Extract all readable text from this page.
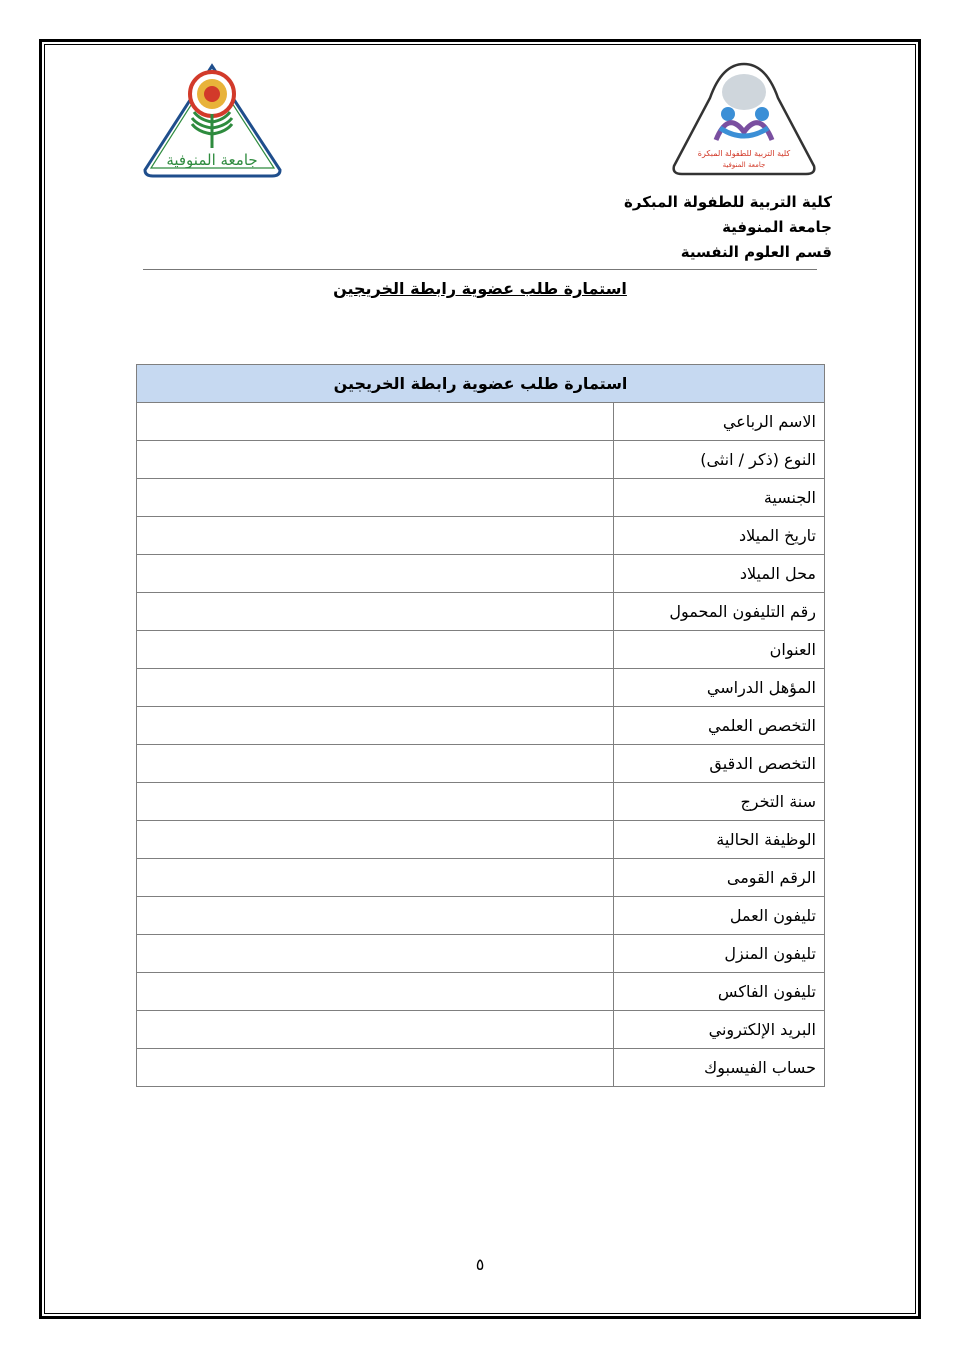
جامعة المنوفية	كلية التربية للطفولة المبكرة
جامعة المنوفية
كلية التربية للطفولة المبكرة
جامعة المنوفية
قسم العلوم النفسية
استمارة طلب عضوية رابطة الخريجين
استمارة طلب عضوية رابطة الخريجين	
الاسم الرباعي	
النوع (ذكر / انثى)	
الجنسية	
تاريخ الميلاد	
محل الميلاد	
رقم التليفون المحمول	
العنوان	
المؤهل الدراسي	
التخصص العلمي	
التخصص الدقيق	
سنة التخرج	
الوظيفة الحالية	
الرقم القومى	
تليفون العمل	
تليفون المنزل	
تليفون الفاكس	
البريد الإلكتروني	
حساب الفيسبوك	
٥
